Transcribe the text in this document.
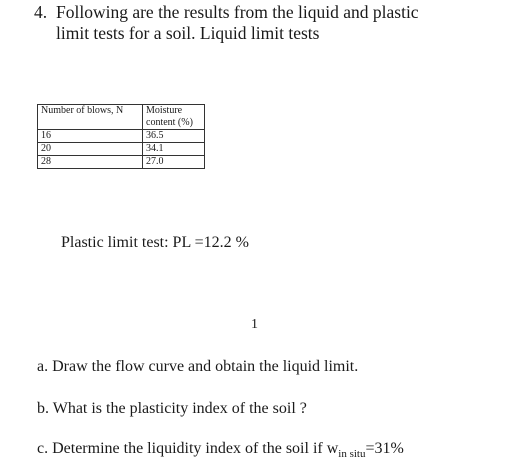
4. Following are the results from the liquid and plastic
limit tests for a soil. Liquid limit tests

Number of blows, N	Moisture
	content (%)
16	36.5
20	34.1
28	27.0

Plastic limit test: PL =12.2 %

1

a. Draw the flow curve and obtain the liquid limit.

b. What is the plasticity index of the soil ?

c. Determine the liquidity index of the soil if $w_{in situ}=31\%$
